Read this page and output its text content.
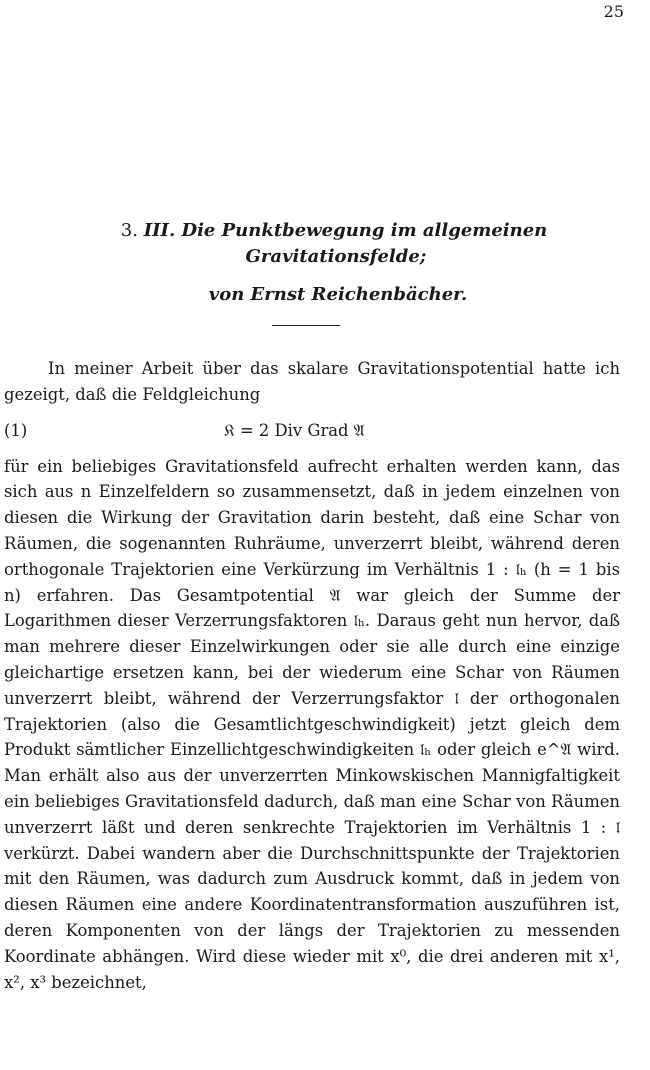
25
3. III. Die Punktbewegung im allgemeinen
Gravitationsfelde;
von Ernst Reichenbächer.

In meiner Arbeit über das skalare Gravitationspotential hatte ich gezeigt, daß die Feldgleichung

(1)	𝔎 = 2 Div Grad 𝔄

für ein beliebiges Gravitationsfeld aufrecht erhalten werden kann, das sich aus n Einzelfeldern so zusammensetzt, daß in jedem einzelnen von diesen die Wirkung der Gravitation darin besteht, daß eine Schar von Räumen, die sogenannten Ruhräume, unverzerrt bleibt, während deren orthogonale Trajektorien eine Verkürzung im Verhältnis 1 : 𝔩ₕ (h = 1 bis n) erfahren. Das Gesamtpotential 𝔄 war gleich der Summe der Logarithmen dieser Verzerrungsfaktoren 𝔩ₕ. Daraus geht nun hervor, daß man mehrere dieser Einzelwirkungen oder sie alle durch eine einzige gleichartige ersetzen kann, bei der wiederum eine Schar von Räumen unverzerrt bleibt, während der Verzerrungsfaktor 𝔩 der orthogonalen Trajektorien (also die Gesamtlichtgeschwindigkeit) jetzt gleich dem Produkt sämtlicher Einzellichtgeschwindigkeiten 𝔩ₕ oder gleich e^𝔄 wird. Man erhält also aus der unverzerrten Minkowskischen Mannigfaltigkeit ein beliebiges Gravitationsfeld dadurch, daß man eine Schar von Räumen unverzerrt läßt und deren senkrechte Trajektorien im Verhältnis 1 : 𝔩 verkürzt. Dabei wandern aber die Durchschnittspunkte der Trajektorien mit den Räumen, was dadurch zum Ausdruck kommt, daß in jedem von diesen Räumen eine andere Koordinatentransformation auszuführen ist, deren Komponenten von der längs der Trajektorien zu messenden Koordinate abhängen. Wird diese wieder mit x⁰, die drei anderen mit x¹, x², x³ bezeichnet,
